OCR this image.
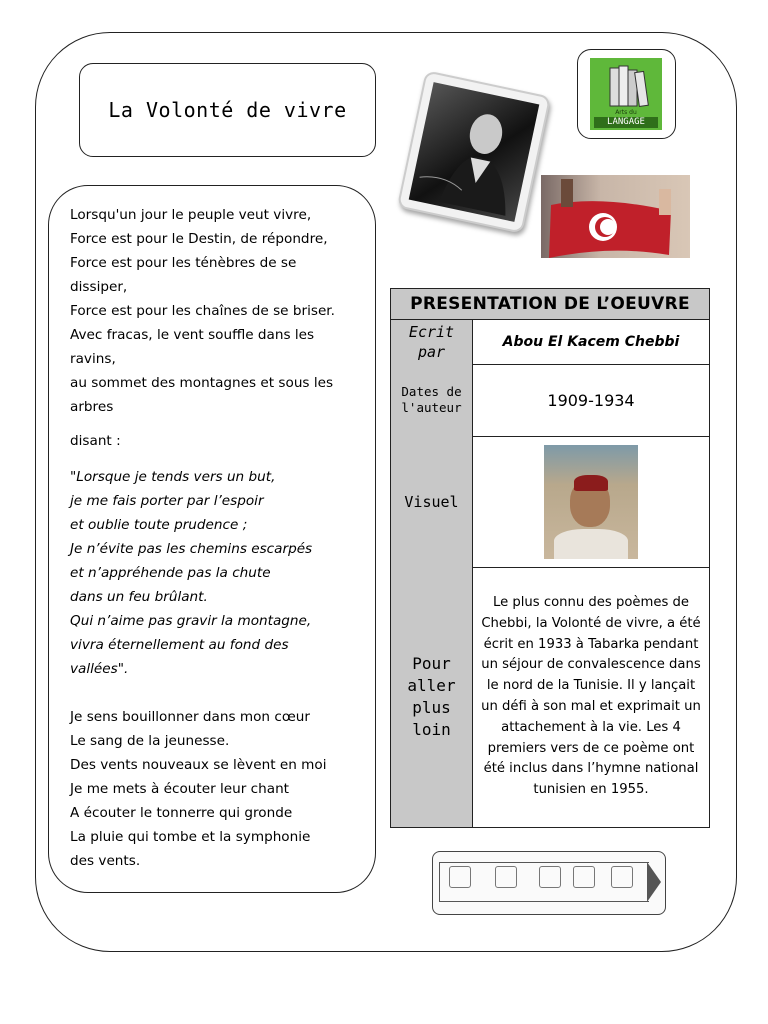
La Volonté de vivre

Lorsqu'un jour le peuple veut vivre,

Force est pour le Destin, de répondre,

Force est pour les ténèbres de se

dissiper,

Force est pour les chaînes de se briser.

Avec fracas, le vent souffle dans les

ravins,

au sommet des montagnes et sous les

arbres

disant :

"Lorsque je tends vers un but,

je me fais porter par l’espoir

et oublie toute prudence ;

Je n’évite pas les chemins escarpés

et n’appréhende pas la chute

dans un feu brûlant.

Qui n’aime pas gravir la montagne,

vivra éternellement au fond des

vallées".

Je sens bouillonner dans mon cœur

Le sang de la jeunesse.

Des vents nouveaux se lèvent en moi

Je me mets à écouter leur chant

A écouter le tonnerre qui gronde

La pluie qui tombe et la symphonie

des vents.

Arts du
LANGAGE
PRESENTATION DE L’OEUVRE
Ecrit par
Abou El Kacem Chebbi
Dates de l'auteur	1909-1934
Visuel
Pour aller plus loin
Le plus connu des poèmes de Chebbi, la Volonté de vivre, a été écrit en 1933 à Tabarka pendant un séjour de convalescence dans le nord de la Tunisie. Il y lançait un défi à son mal et exprimait un attachement à la vie. Les 4 premiers vers de ce poème ont été inclus dans l’hymne national tunisien en 1955.
